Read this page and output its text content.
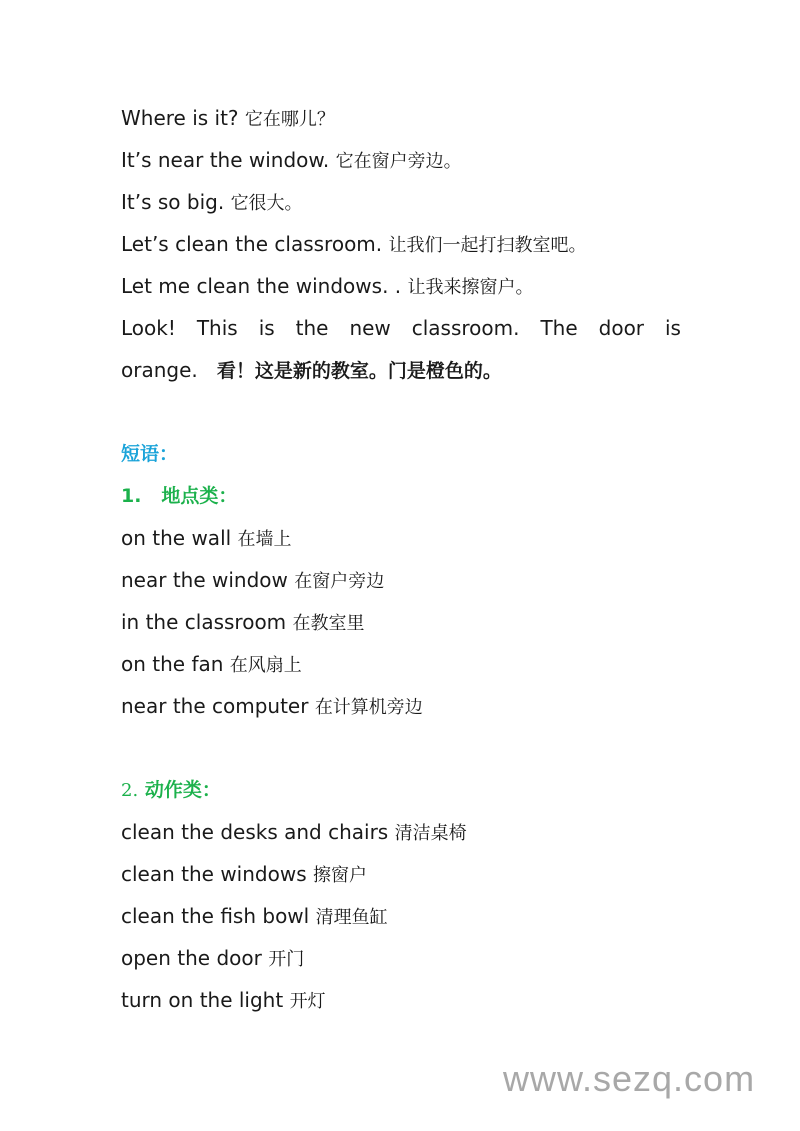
Where is it? 它在哪儿？
It’s near the window. 它在窗户旁边。
It’s so big. 它很大。
Let’s clean the classroom. 让我们一起打扫教室吧。
Let me clean the windows. . 让我来擦窗户。
Look! This is the new classroom. The door is
orange. 看！这是新的教室。门是橙色的。
短语：
1. 地点类：
on the wall 在墙上
near the window 在窗户旁边
in the classroom 在教室里
on the fan 在风扇上
near the computer 在计算机旁边
2. 动作类：
clean the desks and chairs 清洁桌椅
clean the windows 擦窗户
clean the fish bowl 清理鱼缸
open the door 开门
turn on the light 开灯
www.sezq.com
